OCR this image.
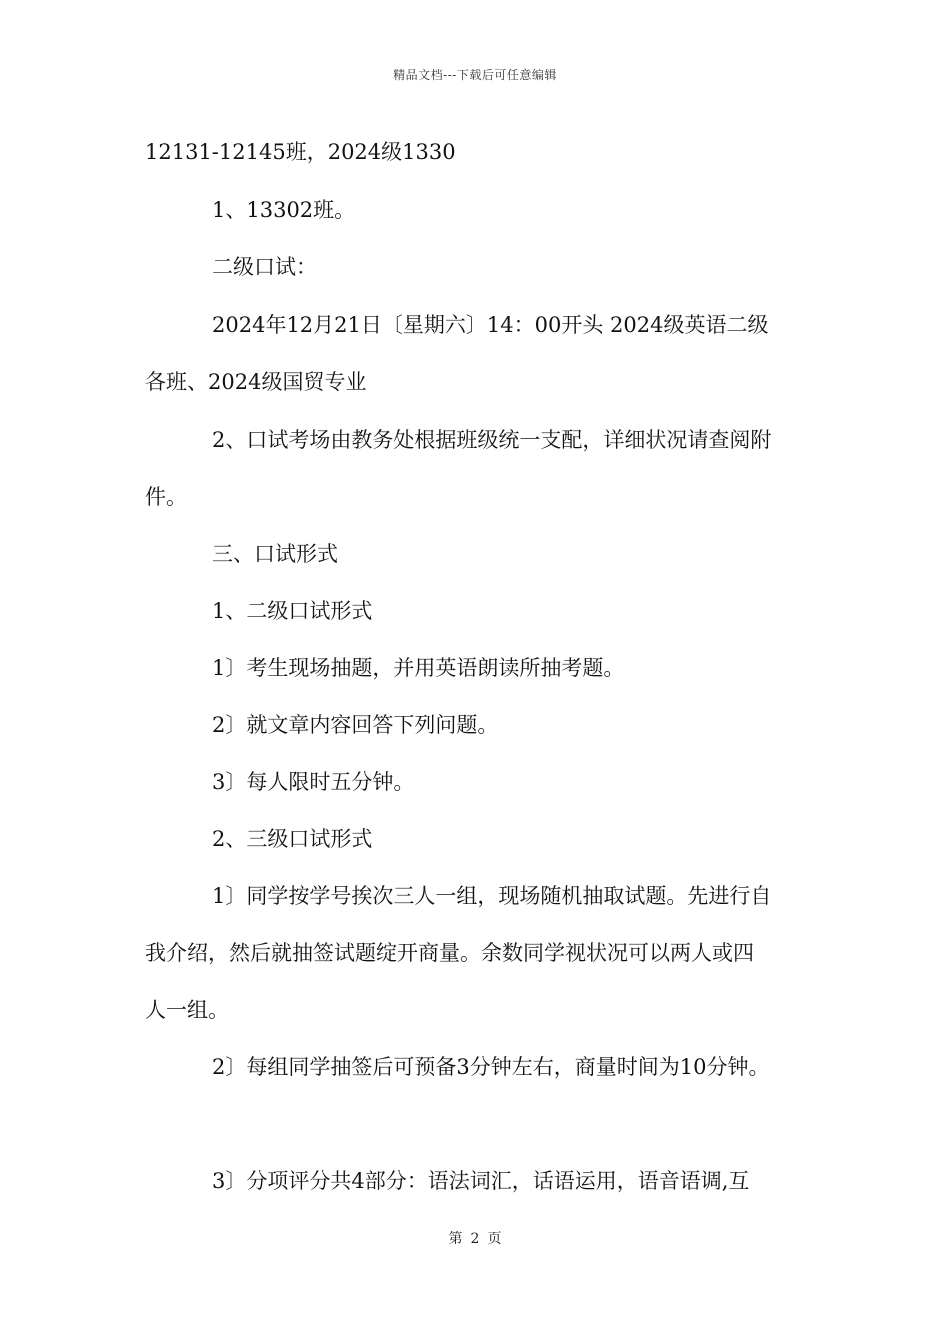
精品文档---下载后可任意编辑
12131-12145班，2024级1330
1、13302班。
二级口试：
2024年12月21日〔星期六〕14：00开头 2024级英语二级
各班、2024级国贸专业
2、口试考场由教务处根据班级统一支配，详细状况请查阅附
件。
三、口试形式
1、二级口试形式
1〕考生现场抽题，并用英语朗读所抽考题。
2〕就文章内容回答下列问题。
3〕每人限时五分钟。
2、三级口试形式
1〕同学按学号挨次三人一组，现场随机抽取试题。先进行自
我介绍，然后就抽签试题绽开商量。余数同学视状况可以两人或四
人一组。
2〕每组同学抽签后可预备3分钟左右，商量时间为10分钟。
3〕分项评分共4部分：语法词汇，话语运用，语音语调,互
第 2 页
